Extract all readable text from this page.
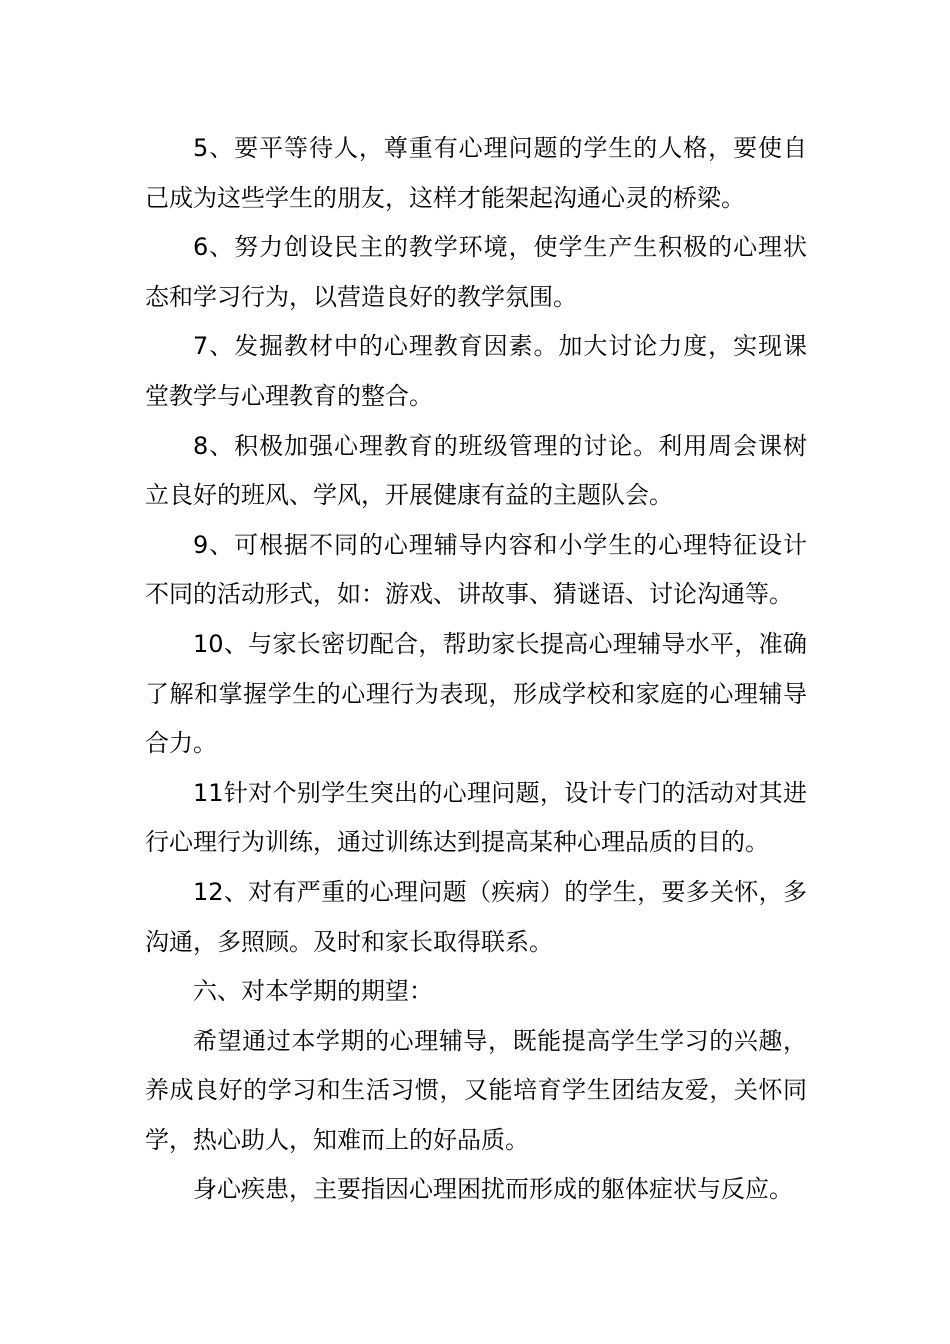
5、要平等待人，尊重有心理问题的学生的人格，要使自己成为这些学生的朋友，这样才能架起沟通心灵的桥梁。

6、努力创设民主的教学环境，使学生产生积极的心理状态和学习行为，以营造良好的教学氛围。

7、发掘教材中的心理教育因素。加大讨论力度，实现课堂教学与心理教育的整合。

8、积极加强心理教育的班级管理的讨论。利用周会课树立良好的班风、学风，开展健康有益的主题队会。

9、可根据不同的心理辅导内容和小学生的心理特征设计不同的活动形式，如：游戏、讲故事、猜谜语、讨论沟通等。

10、与家长密切配合，帮助家长提高心理辅导水平，准确了解和掌握学生的心理行为表现，形成学校和家庭的心理辅导合力。

11针对个别学生突出的心理问题，设计专门的活动对其进行心理行为训练，通过训练达到提高某种心理品质的目的。

12、对有严重的心理问题（疾病）的学生，要多关怀，多沟通，多照顾。及时和家长取得联系。

六、对本学期的期望：

希望通过本学期的心理辅导，既能提高学生学习的兴趣，养成良好的学习和生活习惯，又能培育学生团结友爱，关怀同学，热心助人，知难而上的好品质。

身心疾患，主要指因心理困扰而形成的躯体症状与反应。
